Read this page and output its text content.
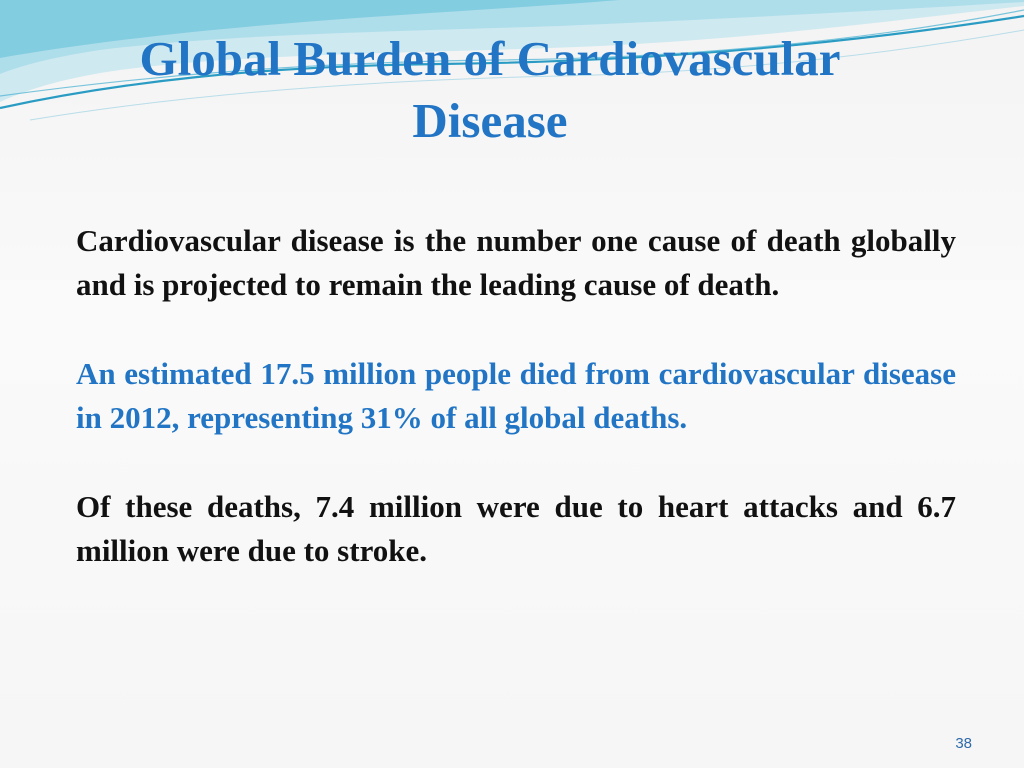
Global Burden of Cardiovascular Disease

Cardiovascular disease is the number one cause of death globally and is projected to remain the leading cause of death.

An estimated 17.5 million people died from cardiovascular disease in 2012, representing 31% of all global deaths.

Of these deaths, 7.4 million were due to heart attacks and 6.7 million were due to stroke.

38
